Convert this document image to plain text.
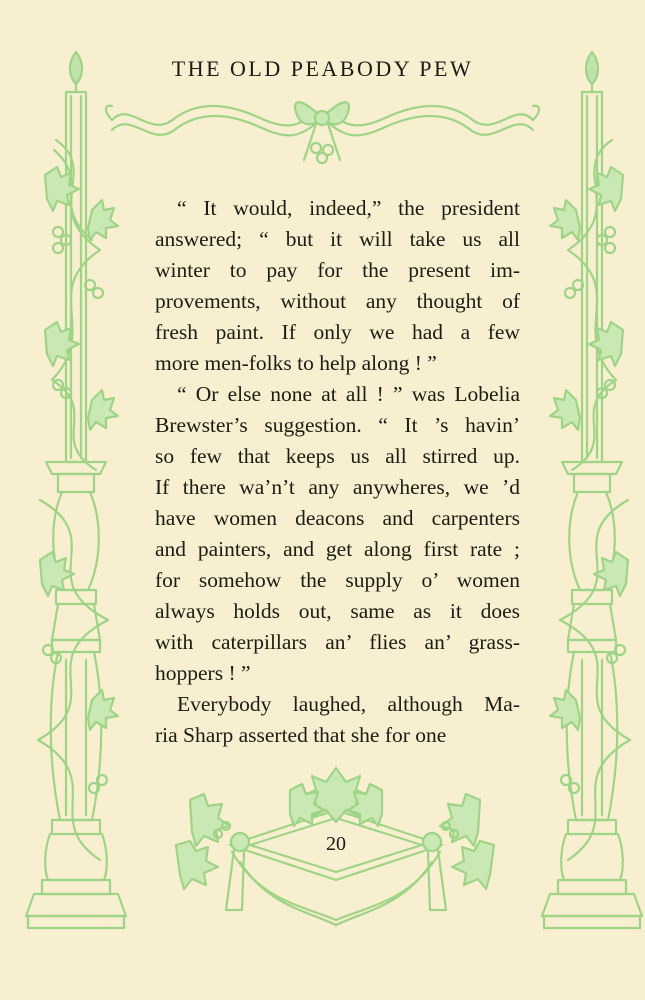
THE OLD PEABODY PEW
“ It would, indeed,” the president
answered; “ but it will take us all
winter to pay for the present im-
provements, without any thought of
fresh paint. If only we had a few
more men-folks to help along ! ”
“ Or else none at all ! ” was Lobelia
Brewster’s suggestion. “ It ’s havin’
so few that keeps us all stirred up.
If there wa’n’t any anywheres, we ’d
have women deacons and carpenters
and painters, and get along first rate ;
for somehow the supply o’ women
always holds out, same as it does
with caterpillars an’ flies an’ grass-
hoppers ! ”
Everybody laughed, although Ma-
ria Sharp asserted that she for one
20
